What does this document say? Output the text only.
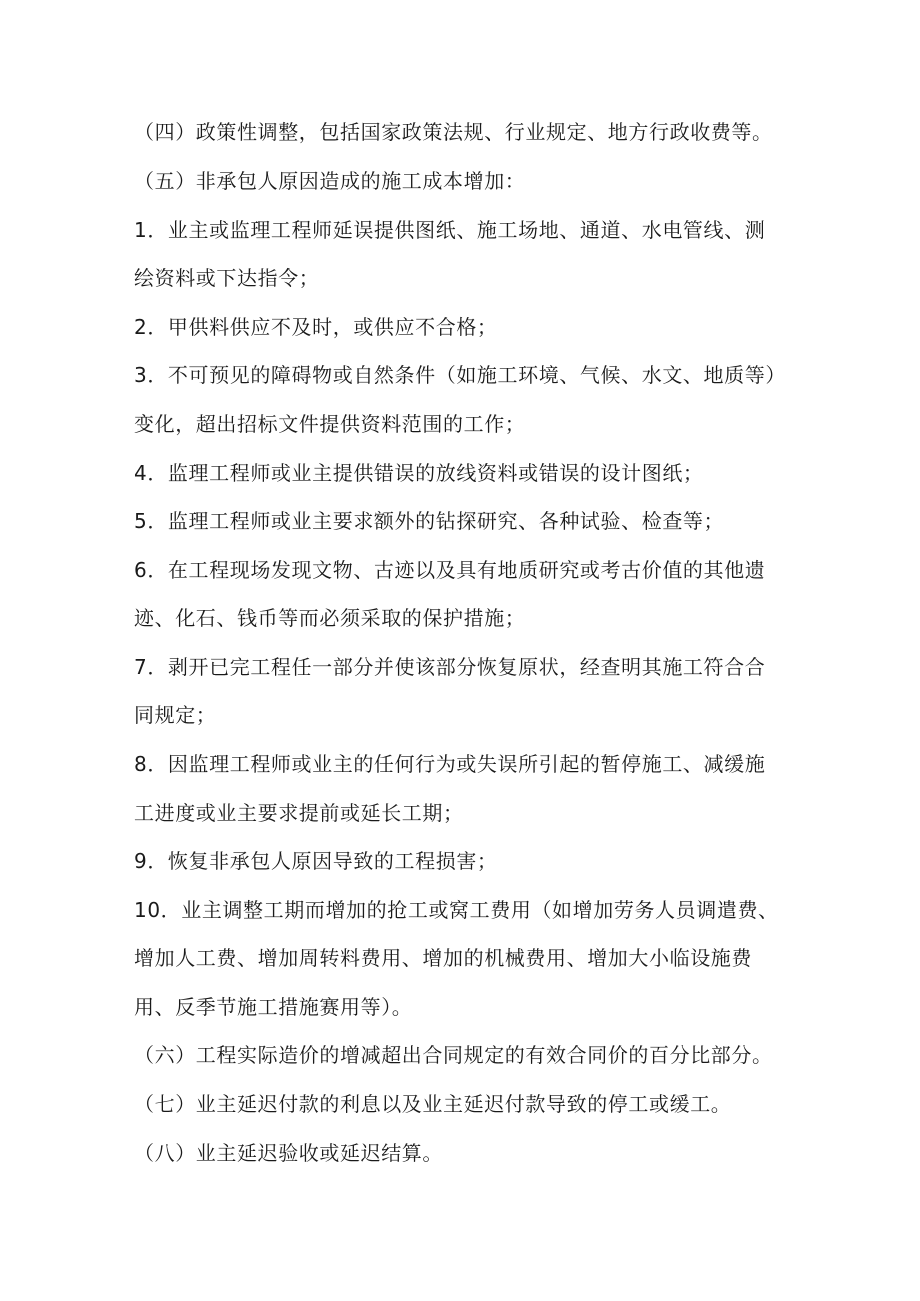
（四）政策性调整，包括国家政策法规、行业规定、地方行政收费等。
（五）非承包人原因造成的施工成本增加：
1．业主或监理工程师延误提供图纸、施工场地、通道、水电管线、测
绘资料或下达指令；
2．甲供料供应不及时，或供应不合格；
3．不可预见的障碍物或自然条件（如施工环境、气候、水文、地质等）
变化，超出招标文件提供资料范围的工作；
4．监理工程师或业主提供错误的放线资料或错误的设计图纸；
5．监理工程师或业主要求额外的钻探研究、各种试验、检查等；
6．在工程现场发现文物、古迹以及具有地质研究或考古价值的其他遗
迹、化石、钱币等而必须采取的保护措施；
7．剥开已完工程任一部分并使该部分恢复原状，经查明其施工符合合
同规定；
8．因监理工程师或业主的任何行为或失误所引起的暂停施工、减缓施
工进度或业主要求提前或延长工期；
9．恢复非承包人原因导致的工程损害；
10．业主调整工期而增加的抢工或窝工费用（如增加劳务人员调遣费、
增加人工费、增加周转料费用、增加的机械费用、增加大小临设施费
用、反季节施工措施赛用等）。
（六）工程实际造价的增减超出合同规定的有效合同价的百分比部分。
（七）业主延迟付款的利息以及业主延迟付款导致的停工或缓工。
（八）业主延迟验收或延迟结算。
